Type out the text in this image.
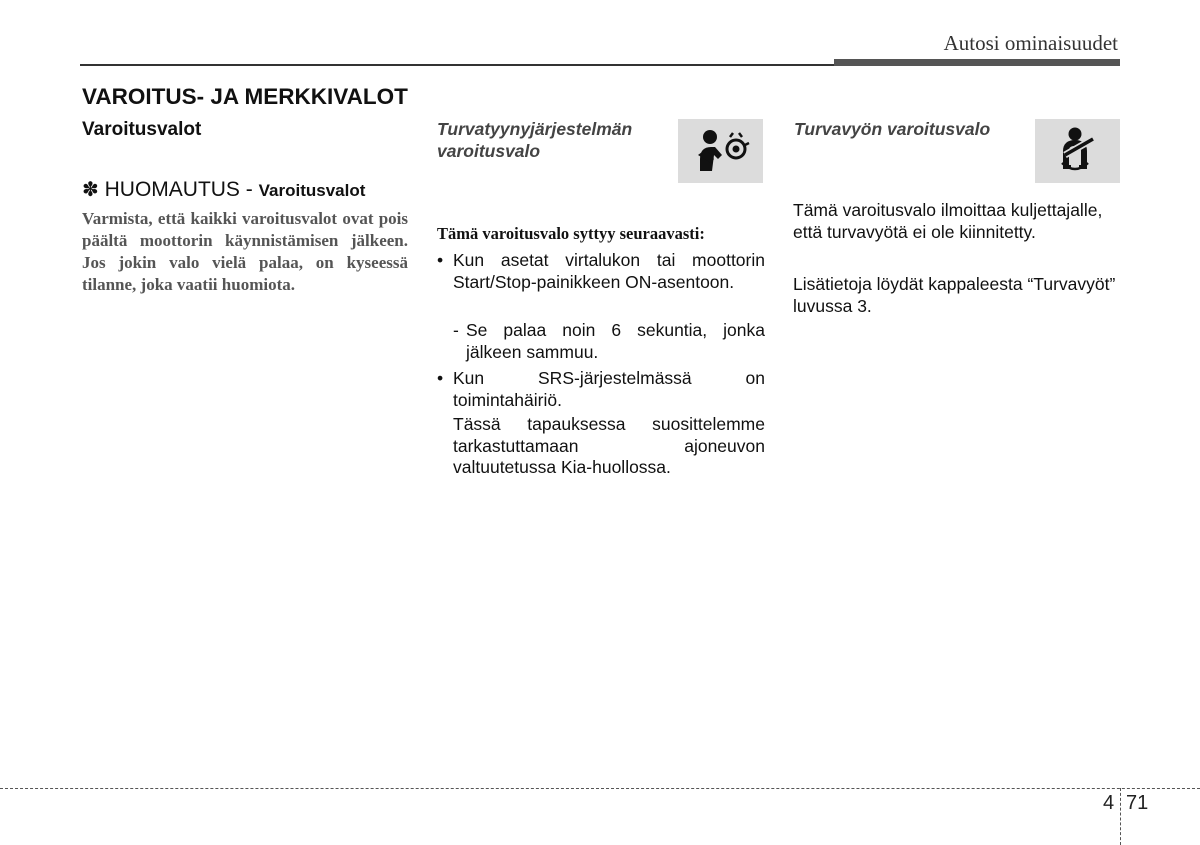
Autosi ominaisuudet
VAROITUS- JA MERKKIVALOT
Varoitusvalot
✽ HUOMAUTUS - Varoitusvalot
Varmista, että kaikki varoitusvalot ovat pois päältä moottorin käynnistämisen jälkeen. Jos jokin valo vielä palaa, on kyseessä tilanne, joka vaatii huomiota.
Turvatyynyjärjestelmän varoitusvalo
Tämä varoitusvalo syttyy seuraavasti:
• Kun asetat virtalukon tai moottorin Start/Stop-painikkeen ON-asentoon.
- Se palaa noin 6 sekuntia, jonka jälkeen sammuu.
• Kun SRS-järjestelmässä on toimintahäiriö.
Tässä tapauksessa suosittelemme tarkastuttamaan ajoneuvon valtuutetussa Kia-huollossa.
Turvavyön varoitusvalo
Tämä varoitusvalo ilmoittaa kuljettajalle, että turvavyötä ei ole kiinnitetty.
Lisätietoja löydät kappaleesta “Turvavyöt” luvussa 3.
4 71
